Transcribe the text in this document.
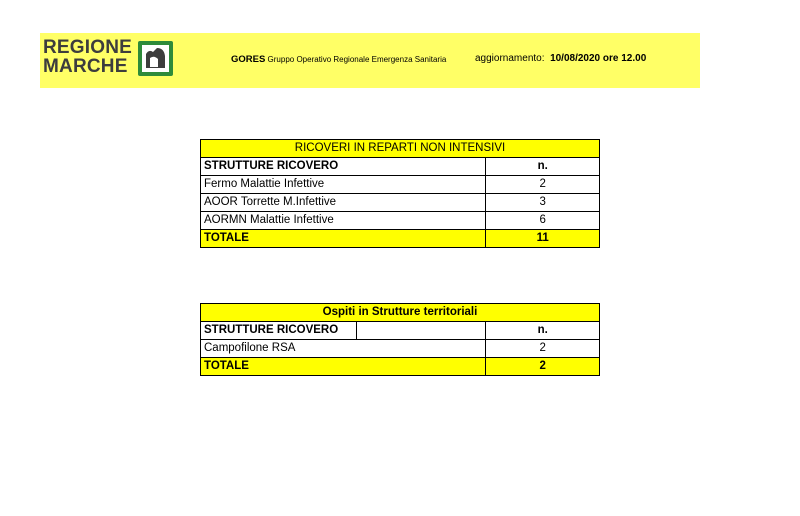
REGIONE
MARCHE	GORES Gruppo Operativo Regionale Emergenza Sanitaria	aggiornamento: 10/08/2020 ore 12.00
RICOVERI IN REPARTI NON INTENSIVI	
STRUTTURE RICOVERO	n.
Fermo Malattie Infettive	2
AOOR Torrette M.Infettive	3
AORMN Malattie Infettive	6
TOTALE	11
Ospiti in Strutture territoriali		
STRUTTURE RICOVERO		n.
Campofilone RSA		2
TOTALE		2
